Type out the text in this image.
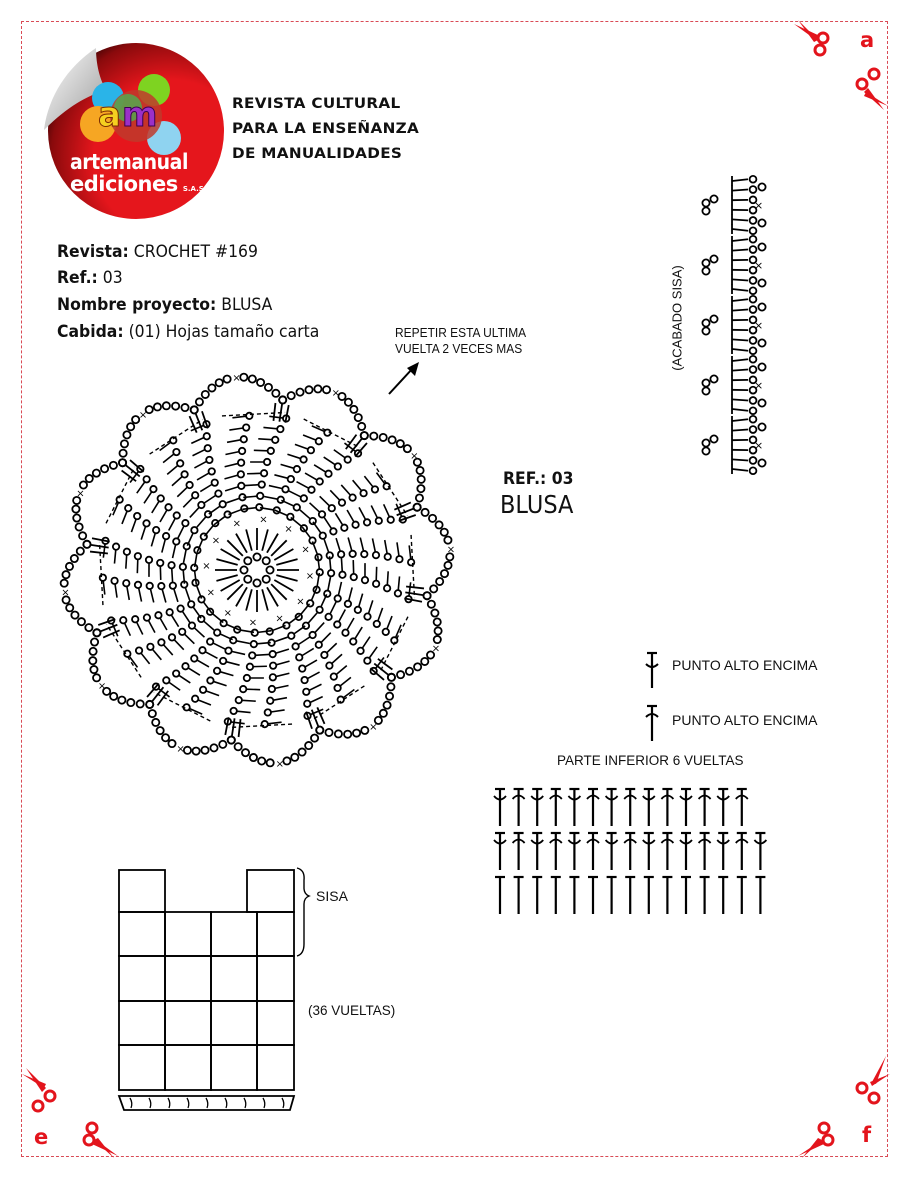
a
e	f
a m
artemanual
ediciones S.A.S.
REVISTA CULTURAL
PARA LA ENSEÑANZA
DE MANUALIDADES
Revista: CROCHET #169
Ref.: 03
Nombre proyecto: BLUSA
Cabida: (01) Hojas tamaño carta	REPETIR ESTA ULTIMA
VUELTA 2 VECES MAS
×
×
×
×
×	×
×
×
×
×
×
×
×
×
×
×
×
×
×
×
×
×
×
×
REF.: 03
BLUSA
(ACABADO SISA)
×
×
×
×
×
PUNTO ALTO ENCIMA
PUNTO ALTO ENCIMA
PARTE INFERIOR 6 VUELTAS
SISA
(36 VUELTAS)
